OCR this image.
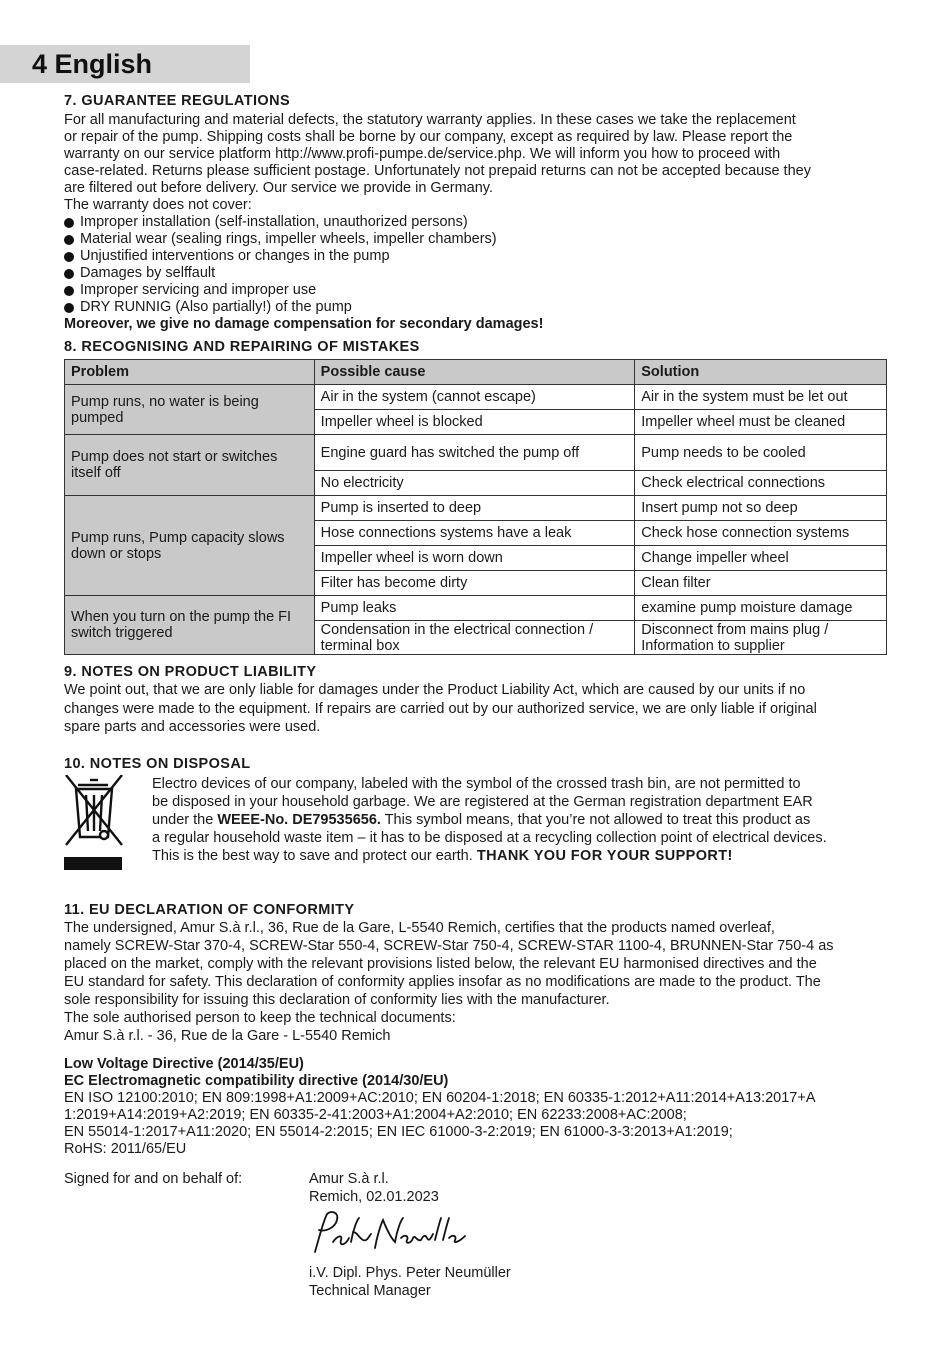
4 English
7. GUARANTEE REGULATIONS

For all manufacturing and material defects, the statutory warranty applies. In these cases we take the replacement

or repair of the pump. Shipping costs shall be borne by our company, except as required by law. Please report the

warranty on our service platform http://www.profi-pumpe.de/service.php. We will inform you how to proceed with

case-related. Returns please sufficient postage. Unfortunately not prepaid returns can not be accepted because they

are filtered out before delivery. Our service we provide in Germany.

The warranty does not cover:

Improper installation (self-installation, unauthorized persons)
Material wear (sealing rings, impeller wheels, impeller chambers)
Unjustified interventions or changes in the pump
Damages by selffault
Improper servicing and improper use
DRY RUNNIG (Also partially!) of the pump

Moreover, we give no damage compensation for secondary damages!

8. RECOGNISING AND REPAIRING OF MISTAKES
Problem	Possible cause	Solution
Pump runs, no water is being pumped	Air in the system (cannot escape)	Air in the system must be let out
	Impeller wheel is blocked	Impeller wheel must be cleaned
Pump does not start or switches itself off	Engine guard has switched the pump off	Pump needs to be cooled
	No electricity	Check electrical connections
Pump runs, Pump capacity slows down or stops	Pump is inserted to deep	Insert pump not so deep
	Hose connections systems have a leak	Check hose connection systems
	Impeller wheel is worn down	Change impeller wheel
	Filter has become dirty	Clean filter
When you turn on the pump the FI switch triggered	Pump leaks	examine pump moisture damage
	Condensation in the electrical connection / terminal box	Disconnect from mains plug / Information to supplier
9. NOTES ON PRODUCT LIABILITY

We point out, that we are only liable for damages under the Product Liability Act, which are caused by our units if no

changes were made to the equipment. If repairs are carried out by our authorized service, we are only liable if original

spare parts and accessories were used.

10. NOTES ON DISPOSAL

Electro devices of our company, labeled with the symbol of the crossed trash bin, are not permitted to

be disposed in your household garbage. We are registered at the German registration department EAR

under the WEEE-No. DE79535656. This symbol means, that you’re not allowed to treat this product as

a regular household waste item – it has to be disposed at a recycling collection point of electrical devices.

This is the best way to save and protect our earth. THANK YOU FOR YOUR SUPPORT!

11. EU DECLARATION OF CONFORMITY

The undersigned, Amur S.à r.l., 36, Rue de la Gare, L-5540 Remich, certifies that the products named overleaf,

namely SCREW-Star 370-4, SCREW-Star 550-4, SCREW-Star 750-4, SCREW-STAR 1100-4, BRUNNEN-Star 750-4 as

placed on the market, comply with the relevant provisions listed below, the relevant EU harmonised directives and the

EU standard for safety. This declaration of conformity applies insofar as no modifications are made to the product. The

sole responsibility for issuing this declaration of conformity lies with the manufacturer.

The sole authorised person to keep the technical documents:

Amur S.à r.l. - 36, Rue de la Gare - L-5540 Remich

Low Voltage Directive (2014/35/EU)

EC Electromagnetic compatibility directive (2014/30/EU)

EN ISO 12100:2010; EN 809:1998+A1:2009+AC:2010; EN 60204-1:2018; EN 60335-1:2012+A11:2014+A13:2017+A

1:2019+A14:2019+A2:2019; EN 60335-2-41:2003+A1:2004+A2:2010; EN 62233:2008+AC:2008;

EN 55014-1:2017+A11:2020; EN 55014-2:2015; EN IEC 61000-3-2:2019; EN 61000-3-3:2013+A1:2019;

RoHS: 2011/65/EU

Signed for and on behalf of:	Amur S.à r.l.

Remich, 02.01.2023

i.V. Dipl. Phys. Peter Neumüller

Technical Manager
